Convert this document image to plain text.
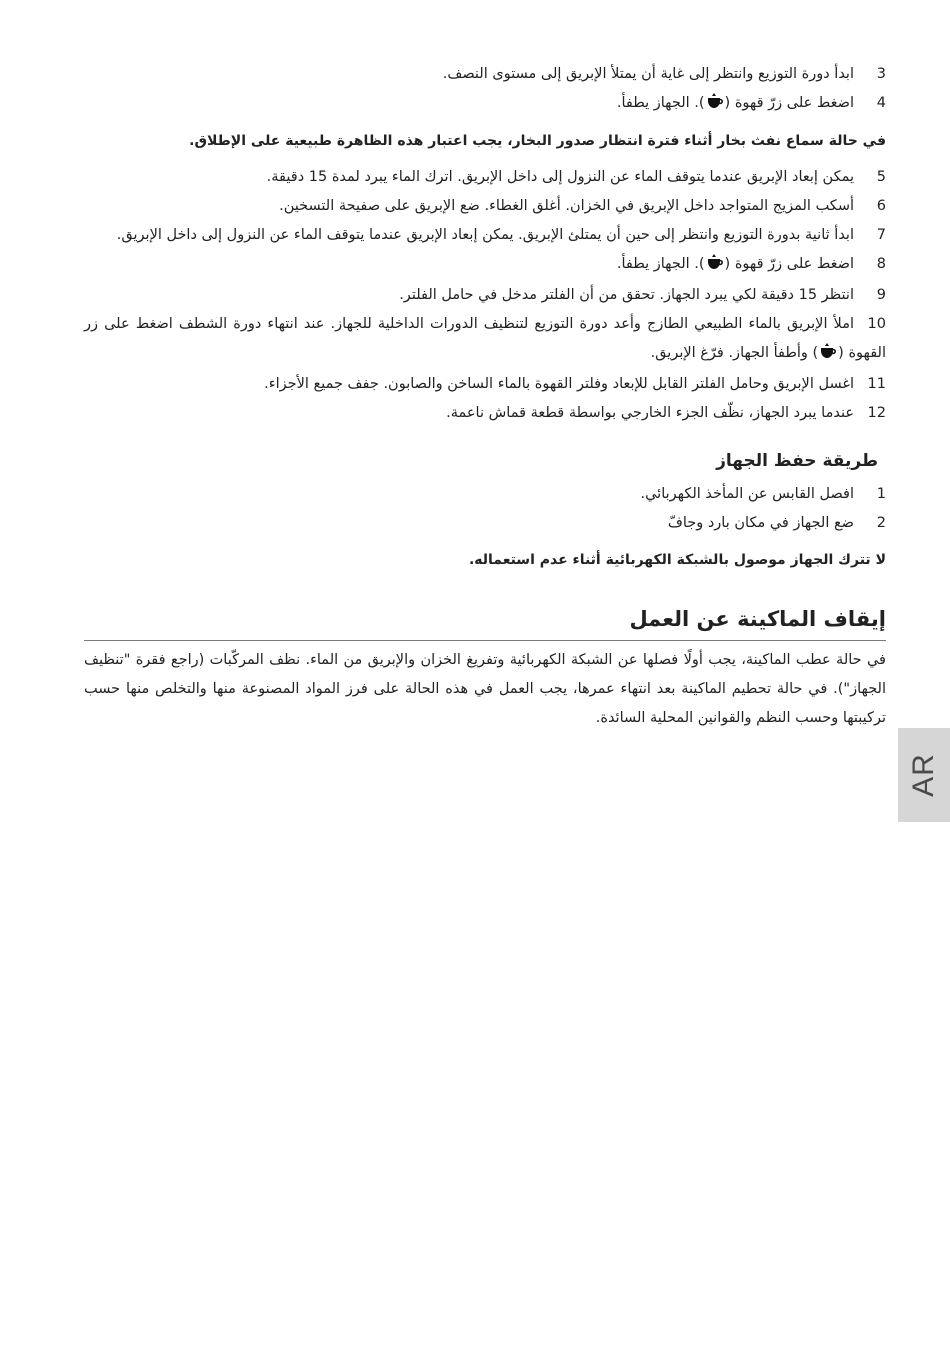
3
ابدأ دورة التوزيع وانتظر إلى غاية أن يمتلأ الإبريق إلى مستوى النصف.
4
اضغط على زرّ قهوة (). الجهاز يطفأ.
في حالة سماع نفث بخار أثناء فترة انتظار صدور البخار، يجب اعتبار هذه الظاهرة طبيعية على الإطلاق.
5
يمكن إبعاد الإبريق عندما يتوقف الماء عن النزول إلى داخل الإبريق. اترك الماء يبرد لمدة 15 دقيقة.
6
أسكب المزيج المتواجد داخل الإبريق في الخزان. أغلق الغطاء. ضع الإبريق على صفيحة التسخين.
7
ابدأ ثانية بدورة التوزيع وانتظر إلى حين أن يمتلئ الإبريق. يمكن إبعاد الإبريق عندما يتوقف الماء عن النزول إلى داخل الإبريق.
8
اضغط على زرّ قهوة (). الجهاز يطفأ.
9
انتظر 15 دقيقة لكي يبرد الجهاز. تحقق من أن الفلتر مدخل في حامل الفلتر.
10
املأ الإبريق بالماء الطبيعي الطازج وأعد دورة التوزيع لتنظيف الدورات الداخلية للجهاز. عند انتهاء دورة الشطف اضغط على زر القهوة () وأطفأ الجهاز. فرّغ الإبريق.
11
اغسل الإبريق وحامل الفلتر القابل للإبعاد وفلتر القهوة بالماء الساخن والصابون. جفف جميع الأجزاء.
12
عندما يبرد الجهاز، نظّف الجزء الخارجي بواسطة قطعة قماش ناعمة.
طريقة حفظ الجهاز
1
افصل القابس عن المأخذ الكهربائي.
2
ضع الجهاز في مكان بارد وجافّ
لا تترك الجهاز موصول بالشبكة الكهربائية أثناء عدم استعماله.
إيقاف الماكينة عن العمل
في حالة عطب الماكينة، يجب أولًا فصلها عن الشبكة الكهربائية وتفريغ الخزان والإبريق من الماء. نظف المركّبات (راجع فقرة "تنظيف الجهاز"). في حالة تحطيم الماكينة بعد انتهاء عمرها، يجب العمل في هذه الحالة على فرز المواد المصنوعة منها والتخلص منها حسب تركيبتها وحسب النظم والقوانين المحلية السائدة.
AR
